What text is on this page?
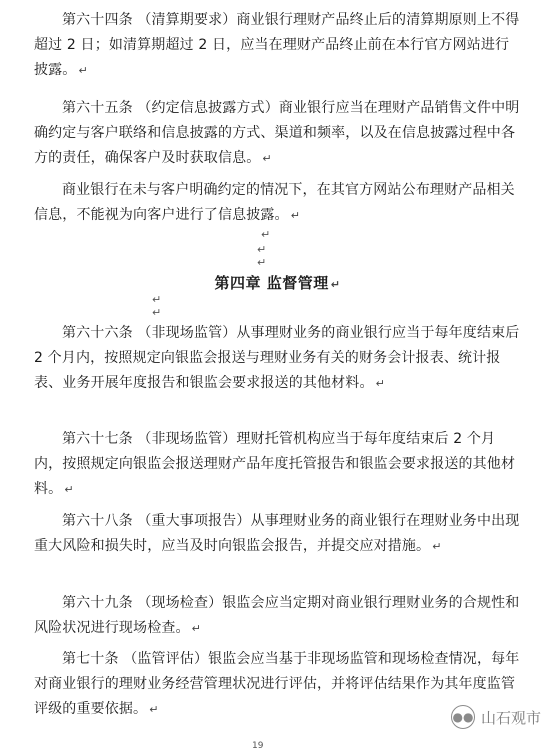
第六十四条 （清算期要求）商业银行理财产品终止后的清算期原则上不得超过 2 日；如清算期超过 2 日，应当在理财产品终止前在本行官方网站进行披露。 ↵

第六十五条 （约定信息披露方式）商业银行应当在理财产品销售文件中明确约定与客户联络和信息披露的方式、渠道和频率，以及在信息披露过程中各方的责任，确保客户及时获取信息。 ↵

商业银行在未与客户明确约定的情况下，在其官方网站公布理财产品相关信息，不能视为向客户进行了信息披露。 ↵

↵
↵
↵
第四章 监督管理 ↵
↵
↵

第六十六条 （非现场监管）从事理财业务的商业银行应当于每年度结束后 2 个月内，按照规定向银监会报送与理财业务有关的财务会计报表、统计报表、业务开展年度报告和银监会要求报送的其他材料。 ↵

第六十七条 （非现场监管）理财托管机构应当于每年度结束后 2 个月内，按照规定向银监会报送理财产品年度托管报告和银监会要求报送的其他材料。 ↵

第六十八条 （重大事项报告）从事理财业务的商业银行在理财业务中出现重大风险和损失时，应当及时向银监会报告，并提交应对措施。 ↵

第六十九条 （现场检查）银监会应当定期对商业银行理财业务的合规性和风险状况进行现场检查。 ↵

第七十条 （监管评估）银监会应当基于非现场监管和现场检查情况，每年对商业银行的理财业务经营管理状况进行评估，并将评估结果作为其年度监管评级的重要依据。 ↵

●● 山石观市
19
